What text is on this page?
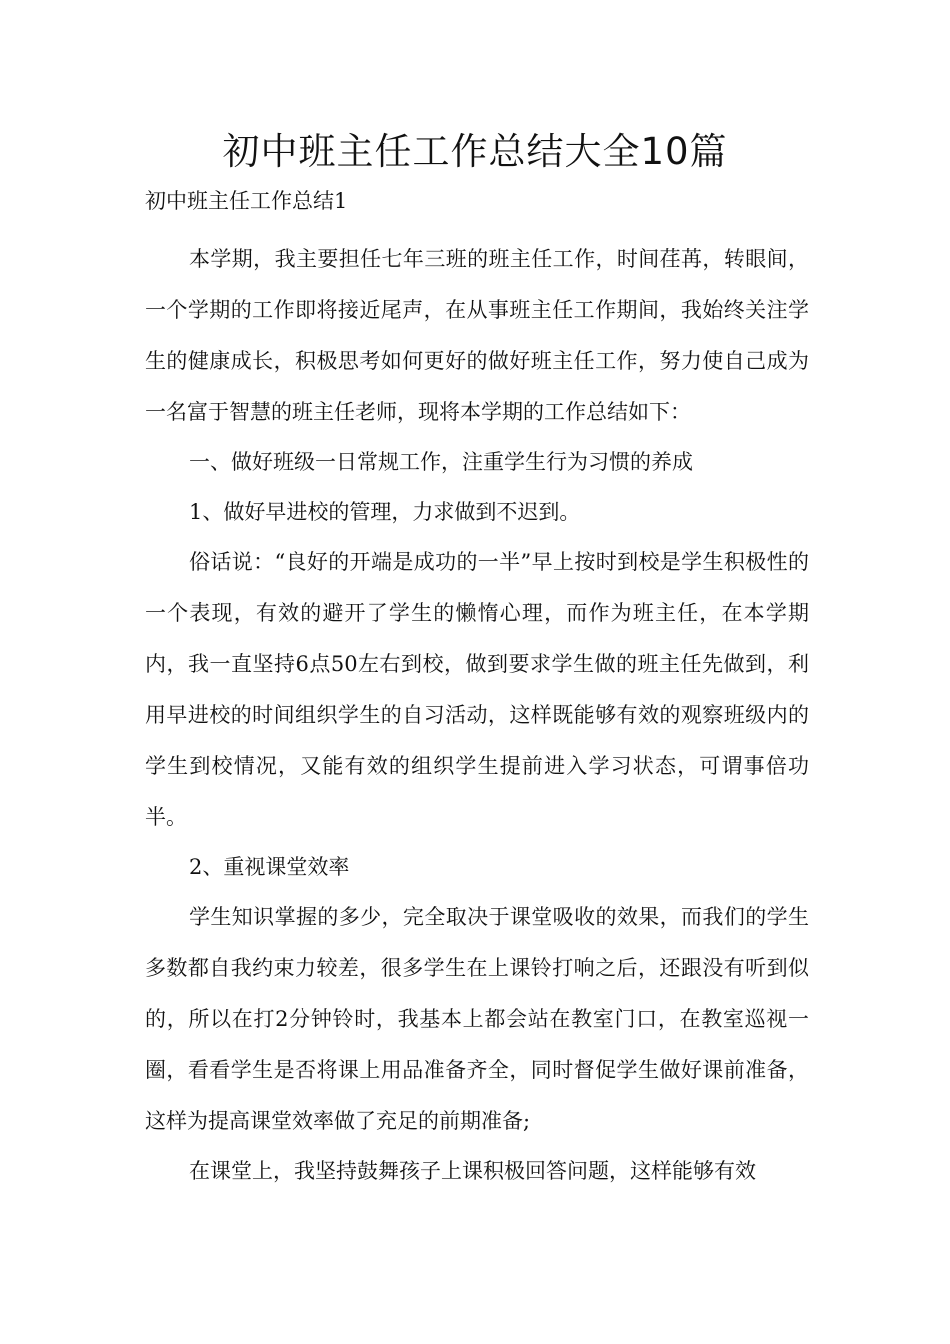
初中班主任工作总结大全10篇
初中班主任工作总结1

本学期，我主要担任七年三班的班主任工作，时间荏苒，转眼间，一个学期的工作即将接近尾声，在从事班主任工作期间，我始终关注学生的健康成长，积极思考如何更好的做好班主任工作，努力使自己成为一名富于智慧的班主任老师，现将本学期的工作总结如下：

一、做好班级一日常规工作，注重学生行为习惯的养成

1、做好早进校的管理，力求做到不迟到。

俗话说：“良好的开端是成功的一半”早上按时到校是学生积极性的一个表现，有效的避开了学生的懒惰心理，而作为班主任，在本学期内，我一直坚持6点50左右到校，做到要求学生做的班主任先做到，利用早进校的时间组织学生的自习活动，这样既能够有效的观察班级内的学生到校情况，又能有效的组织学生提前进入学习状态，可谓事倍功半。

2、重视课堂效率

学生知识掌握的多少，完全取决于课堂吸收的效果，而我们的学生多数都自我约束力较差，很多学生在上课铃打响之后，还跟没有听到似的，所以在打2分钟铃时，我基本上都会站在教室门口，在教室巡视一圈，看看学生是否将课上用品准备齐全，同时督促学生做好课前准备，这样为提高课堂效率做了充足的前期准备;

在课堂上，我坚持鼓舞孩子上课积极回答问题，这样能够有效
